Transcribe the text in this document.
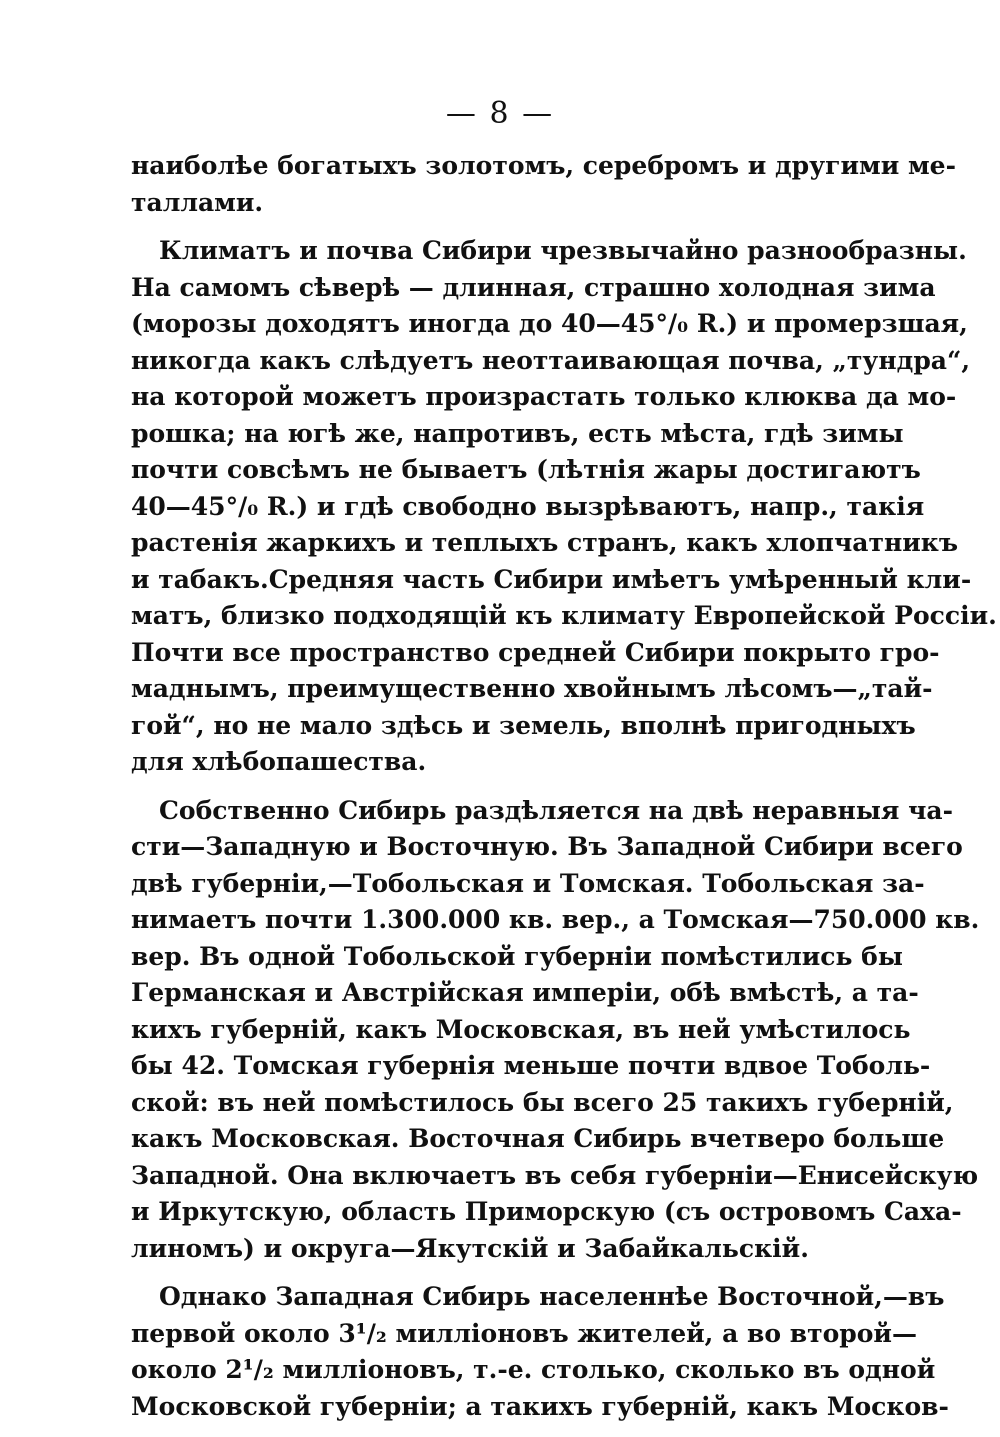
— 8 —
наиболѣе богатыхъ золотомъ, серебромъ и другими ме-
таллами.
Климатъ и почва Сибири чрезвычайно разнообразны.
На самомъ сѣверѣ — длинная, страшно холодная зима
(морозы доходятъ иногда до 40—45°/₀ R.) и промерзшая,
никогда какъ слѣдуетъ неоттаивающая почва, „тундра“,
на которой можетъ произрастать только клюква да мо-
рошка; на югѣ же, напротивъ, есть мѣста, гдѣ зимы
почти совсѣмъ не бываетъ (лѣтнія жары достигаютъ
40—45°/₀ R.) и гдѣ свободно вызрѣваютъ, напр., такія
растенія жаркихъ и теплыхъ странъ, какъ хлопчатникъ
и табакъ.Средняя часть Сибири имѣетъ умѣренный кли-
матъ, близко подходящій къ климату Европейской Россіи.
Почти все пространство средней Сибири покрыто гро-
маднымъ, преимущественно хвойнымъ лѣсомъ—„тай-
гой“, но не мало здѣсь и земель, вполнѣ пригодныхъ
для хлѣбопашества.
Собственно Сибирь раздѣляется на двѣ неравныя ча-
сти—Западную и Восточную. Въ Западной Сибири всего
двѣ губерніи,—Тобольская и Томская. Тобольская за-
нимаетъ почти 1.300.000 кв. вер., а Томская—750.000 кв.
вер. Въ одной Тобольской губерніи помѣстились бы
Германская и Австрійская имперіи, обѣ вмѣстѣ, а та-
кихъ губерній, какъ Московская, въ ней умѣстилось
бы 42. Томская губернія меньше почти вдвое Тоболь-
ской: въ ней помѣстилось бы всего 25 такихъ губерній,
какъ Московская. Восточная Сибирь вчетверо больше
Западной. Она включаетъ въ себя губерніи—Енисейскую
и Иркутскую, область Приморскую (съ островомъ Саха-
линомъ) и округа—Якутскій и Забайкальскій.
Однако Западная Сибирь населеннѣе Восточной,—въ
первой около 3¹/₂ милліоновъ жителей, а во второй—
около 2¹/₂ милліоновъ, т.-е. столько, сколько въ одной
Московской губерніи; а такихъ губерній, какъ Москов-
